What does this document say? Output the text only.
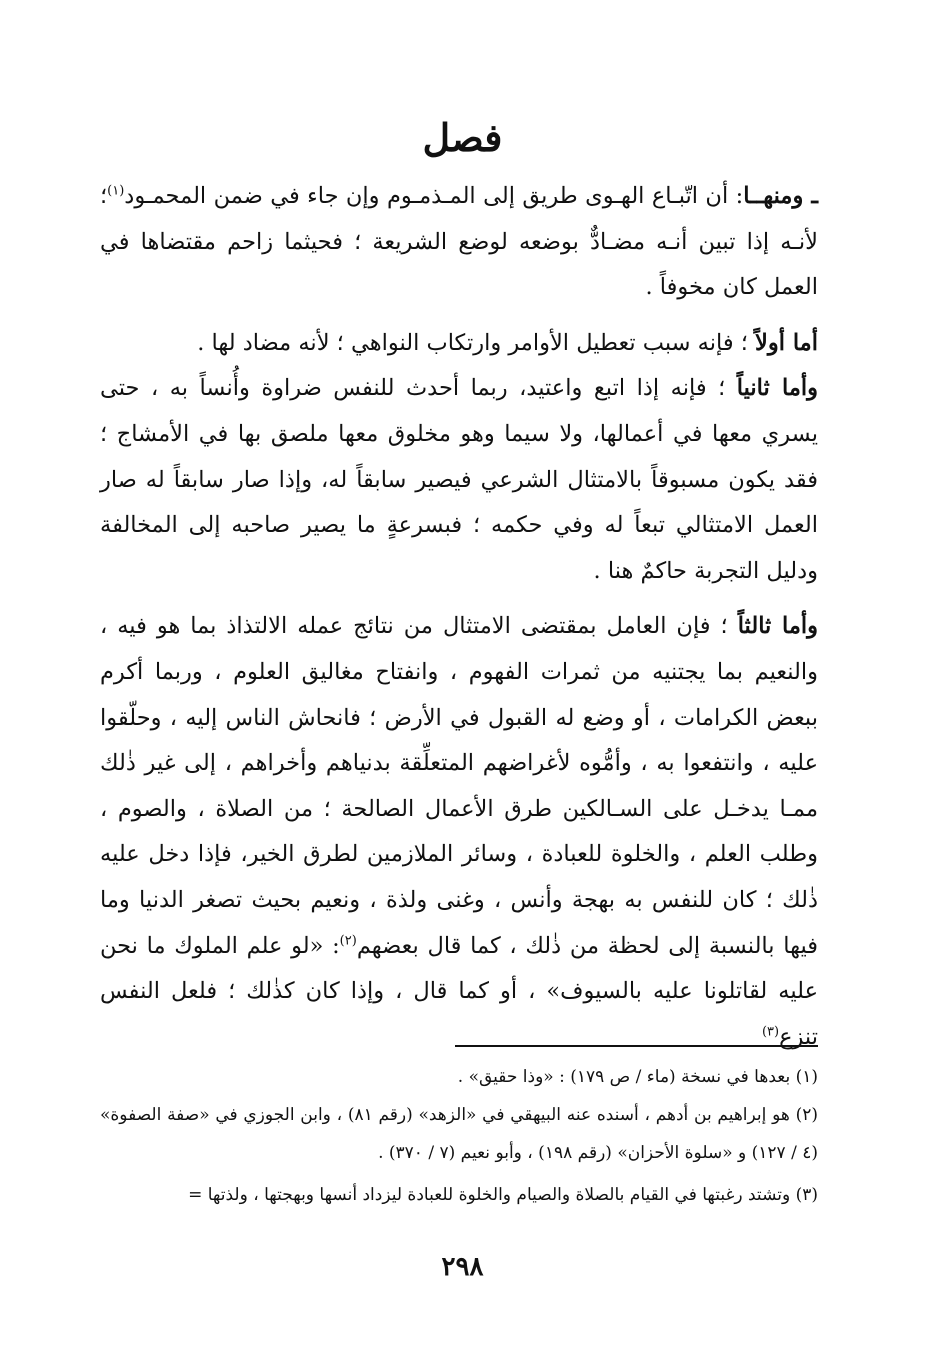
فصل

ـ ومنهــا: أن اتّبـاع الهـوى طريق إلى المـذمـوم وإن جاء في ضمن المحمـود$^{(١)}$؛ لأنـه إذا تبين أنـه مضـادٌّ بوضعه لوضع الشريعة ؛ فحيثما زاحم مقتضاها في العمل كان مخوفاً .

أما أولاً ؛ فإنه سبب تعطيل الأوامر وارتكاب النواهي ؛ لأنه مضاد لها .

وأما ثانياً ؛ فإنه إذا اتبع واعتيد، ربما أحدث للنفس ضراوة وأُنساً به ، حتى يسري معها في أعمالها، ولا سيما وهو مخلوق معها ملصق بها في الأمشاج ؛ فقد يكون مسبوقاً بالامتثال الشرعي فيصير سابقاً له، وإذا صار سابقاً له صار العمل الامتثالي تبعاً له وفي حكمه ؛ فبسرعةٍ ما يصير صاحبه إلى المخالفة ودليل التجربة حاكمٌ هنا .

وأما ثالثاً ؛ فإن العامل بمقتضى الامتثال من نتائج عمله الالتذاذ بما هو فيه ، والنعيم بما يجتنيه من ثمرات الفهوم ، وانفتاح مغاليق العلوم ، وربما أكرم ببعض الكرامات ، أو وضع له القبول في الأرض ؛ فانحاش الناس إليه ، وحلّقوا عليه ، وانتفعوا به ، وأمُّوه لأغراضهم المتعلِّقة بدنياهم وأخراهم ، إلى غير ذٰلك ممـا يدخـل على السـالكين طرق الأعمال الصالحة ؛ من الصلاة ، والصوم ، وطلب العلم ، والخلوة للعبادة ، وسائر الملازمين لطرق الخير، فإذا دخل عليه ذٰلك ؛ كان للنفس به بهجة وأنس ، وغنى ولذة ، ونعيم بحيث تصغر الدنيا وما فيها بالنسبة إلى لحظة من ذٰلك ، كما قال بعضهم$^{(٢)}$: «لو علم الملوك ما نحن عليه لقاتلونا عليه بالسيوف» ، أو كما قال ، وإذا كان كذٰلك ؛ فلعل النفس تنزع$^{(٣)}$

(١) بعدها في نسخة (ماء / ص ١٧٩) : «وذا حقيق» .

(٢) هو إبراهيم بن أدهم ، أسنده عنه البيهقي في «الزهد» (رقم ٨١) ، وابن الجوزي في «صفة الصفوة» (٤ / ١٢٧) و «سلوة الأحزان» (رقم ١٩٨) ، وأبو نعيم (٧ / ٣٧٠) .

(٣) وتشتد رغبتها في القيام بالصلاة والصيام والخلوة للعبادة ليزداد أنسها وبهجتها ، ولذتها =

٢٩٨
